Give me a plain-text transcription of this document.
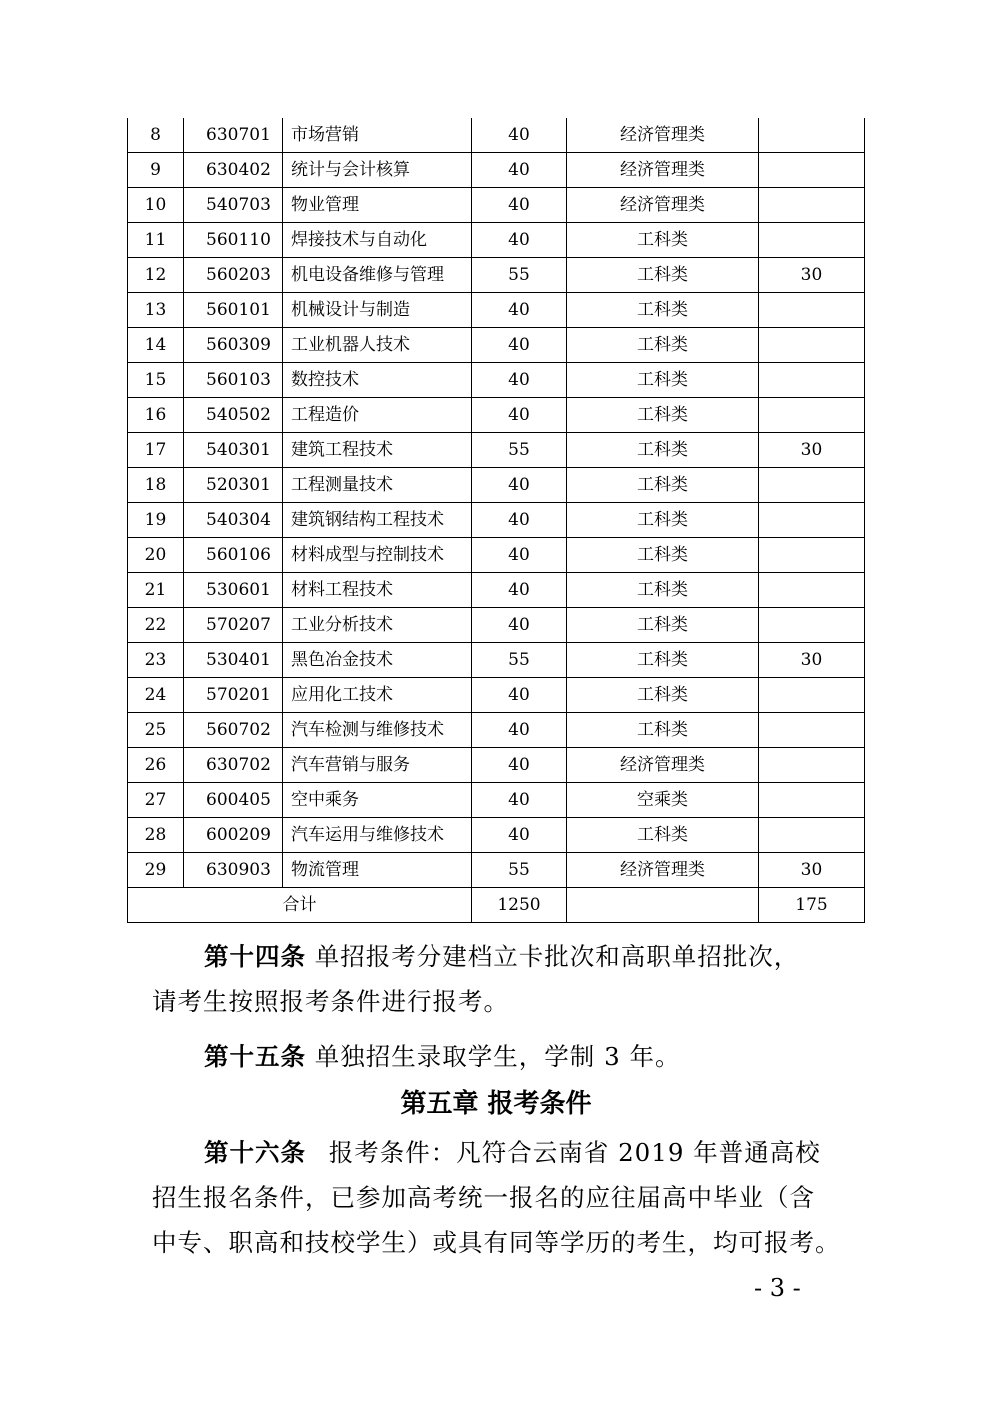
8	630701	市场营销	40	经济管理类	
9	630402	统计与会计核算	40	经济管理类	
10	540703	物业管理	40	经济管理类	
11	560110	焊接技术与自动化	40	工科类	
12	560203	机电设备维修与管理	55	工科类	30
13	560101	机械设计与制造	40	工科类	
14	560309	工业机器人技术	40	工科类	
15	560103	数控技术	40	工科类	
16	540502	工程造价	40	工科类	
17	540301	建筑工程技术	55	工科类	30
18	520301	工程测量技术	40	工科类	
19	540304	建筑钢结构工程技术	40	工科类	
20	560106	材料成型与控制技术	40	工科类	
21	530601	材料工程技术	40	工科类	
22	570207	工业分析技术	40	工科类	
23	530401	黑色冶金技术	55	工科类	30
24	570201	应用化工技术	40	工科类	
25	560702	汽车检测与维修技术	40	工科类	
26	630702	汽车营销与服务	40	经济管理类	
27	600405	空中乘务	40	空乘类	
28	600209	汽车运用与维修技术	40	工科类	
29	630903	物流管理	55	经济管理类	30
合计			1250		175
第十四条 单招报考分建档立卡批次和高职单招批次，
请考生按照报考条件进行报考。
第十五条 单独招生录取学生，学制 3 年。
第五章 报考条件
第十六条 报考条件：凡符合云南省 2019 年普通高校
招生报名条件，已参加高考统一报名的应往届高中毕业（含
中专、职高和技校学生）或具有同等学历的考生，均可报考。
- 3 -
